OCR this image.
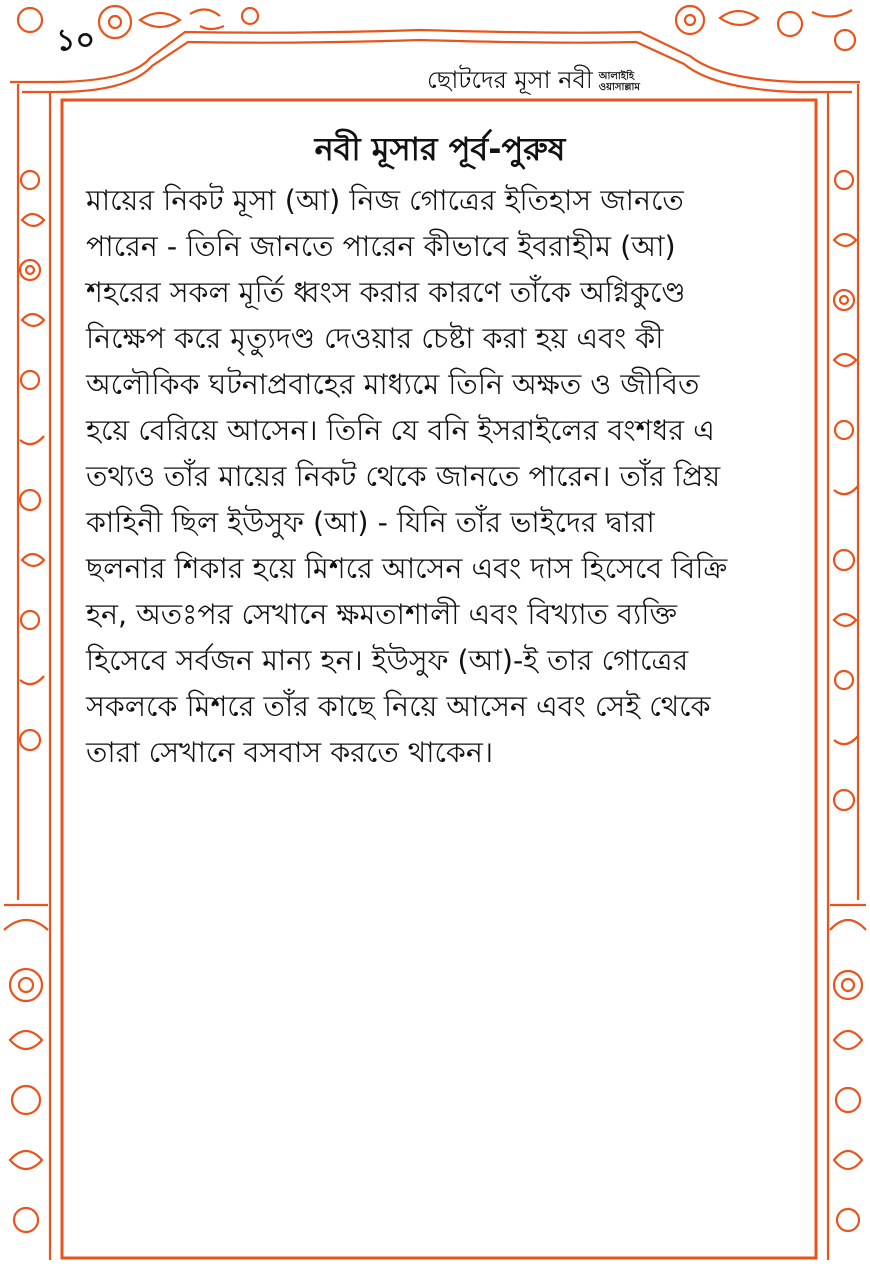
১০
ছোটদের মূসা নবী আলাইহি
ওয়াসাল্লাম
নবী মূসার পূর্ব-পুরুষ

মায়ের নিকট মূসা (আ) নিজ গোত্রের ইতিহাস জানতে
পারেন - তিনি জানতে পারেন কীভাবে ইবরাহীম (আ)
শহরের সকল মূর্তি ধ্বংস করার কারণে তাঁকে অগ্নিকুণ্ডে
নিক্ষেপ করে মৃত্যুদণ্ড দেওয়ার চেষ্টা করা হয় এবং কী
অলৌকিক ঘটনাপ্রবাহের মাধ্যমে তিনি অক্ষত ও জীবিত
হয়ে বেরিয়ে আসেন। তিনি যে বনি ইসরাইলের বংশধর এ
তথ্যও তাঁর মায়ের নিকট থেকে জানতে পারেন। তাঁর প্রিয়
কাহিনী ছিল ইউসুফ (আ) - যিনি তাঁর ভাইদের দ্বারা
ছলনার শিকার হয়ে মিশরে আসেন এবং দাস হিসেবে বিক্রি
হন, অতঃপর সেখানে ক্ষমতাশালী এবং বিখ্যাত ব্যক্তি
হিসেবে সর্বজন মান্য হন। ইউসুফ (আ)-ই তার গোত্রের
সকলকে মিশরে তাঁর কাছে নিয়ে আসেন এবং সেই থেকে
তারা সেখানে বসবাস করতে থাকেন।
